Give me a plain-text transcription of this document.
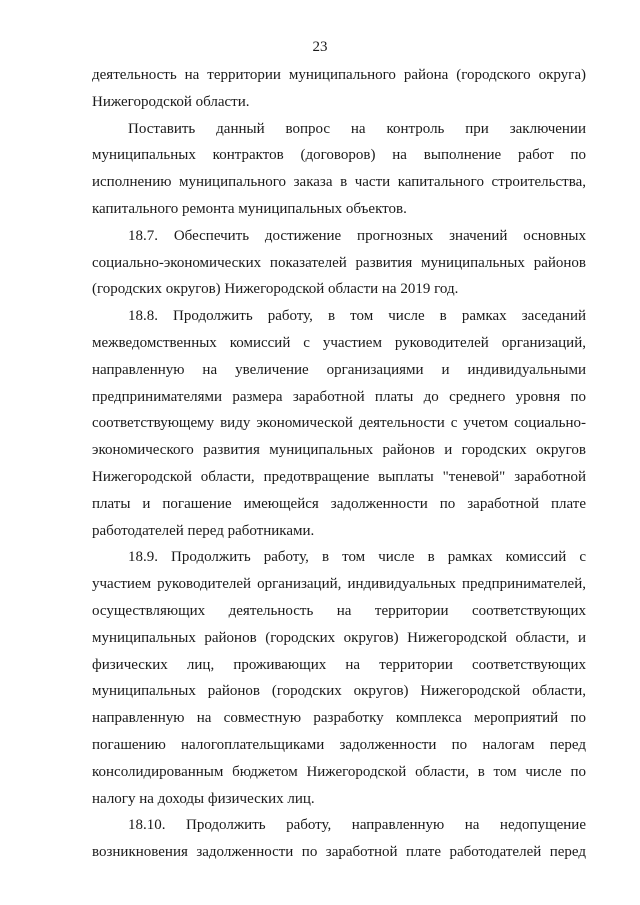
23
деятельность на территории муниципального района (городского округа)
Нижегородской области.
Поставить данный вопрос на контроль при заключении
муниципальных контрактов (договоров) на выполнение работ по
исполнению муниципального заказа в части капитального строительства,
капитального ремонта муниципальных объектов.
18.7. Обеспечить достижение прогнозных значений основных
социально-экономических показателей развития муниципальных районов
(городских округов) Нижегородской области на 2019 год.
18.8. Продолжить работу, в том числе в рамках заседаний
межведомственных комиссий с участием руководителей организаций,
направленную на увеличение организациями и индивидуальными
предпринимателями размера заработной платы до среднего уровня по
соответствующему виду экономической деятельности с учетом социально-
экономического развития муниципальных районов и городских округов
Нижегородской области, предотвращение выплаты "теневой" заработной
платы и погашение имеющейся задолженности по заработной плате
работодателей перед работниками.
18.9. Продолжить работу, в том числе в рамках комиссий с
участием руководителей организаций, индивидуальных предпринимателей,
осуществляющих деятельность на территории соответствующих
муниципальных районов (городских округов) Нижегородской области, и
физических лиц, проживающих на территории соответствующих
муниципальных районов (городских округов) Нижегородской области,
направленную на совместную разработку комплекса мероприятий по
погашению налогоплательщиками задолженности по налогам перед
консолидированным бюджетом Нижегородской области, в том числе по
налогу на доходы физических лиц.
18.10. Продолжить работу, направленную на недопущение
возникновения задолженности по заработной плате работодателей перед
